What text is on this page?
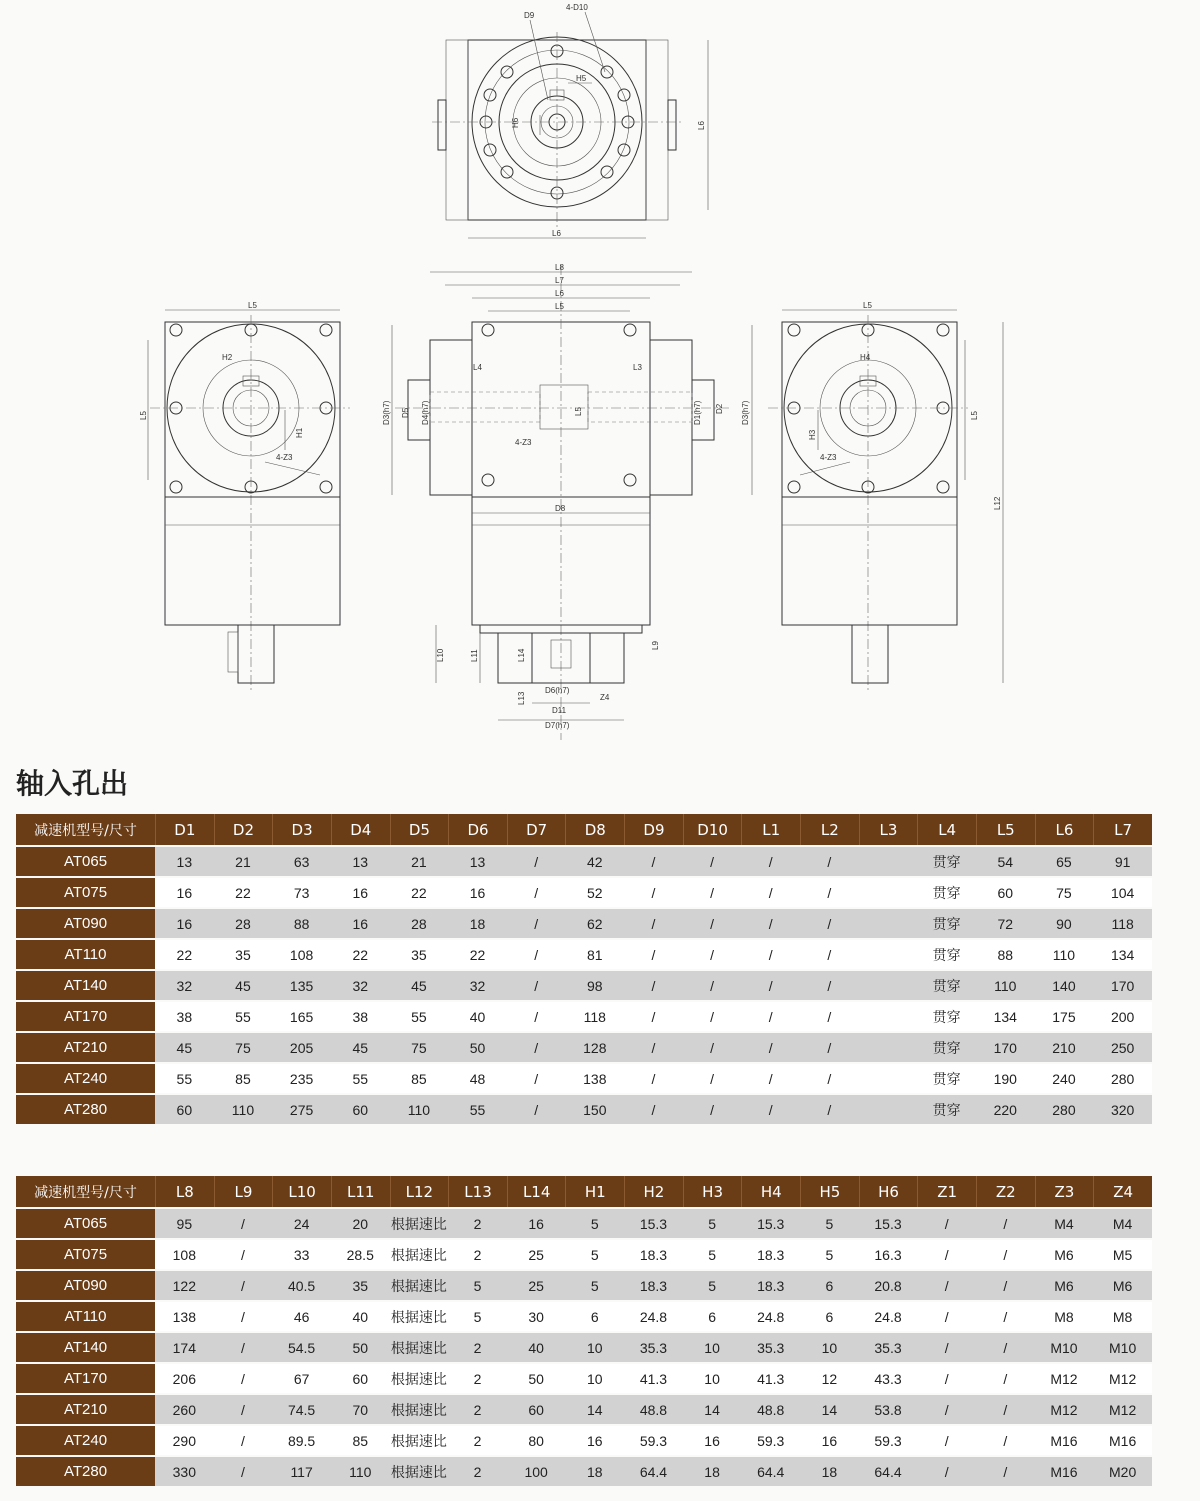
D9
4-D10
H5
H6	L6
L6
L5
H2
L5
H1
4-Z3
L8
L7
L6
L5
L4	L3
D5 D4(h7)
D3(h7)	L5	D1(h7) D2 D3(h7)
4-Z3
D8
L10	L11	L14
L13
D6(h7)
Z4
D11
D7(h7)
L9
L12
L5
H4
L5
H3
4-Z3
轴入孔出
减速机型号/尺寸	D1	D2	D3	D4	D5	D6	D7	D8	D9	D10	L1	L2	L3	L4	L5	L6	L7
AT065	13	21	63	13	21	13	/	42	/	/	/	/		贯穿	54	65	91
AT075	16	22	73	16	22	16	/	52	/	/	/	/		贯穿	60	75	104
AT090	16	28	88	16	28	18	/	62	/	/	/	/		贯穿	72	90	118
AT110	22	35	108	22	35	22	/	81	/	/	/	/		贯穿	88	110	134
AT140	32	45	135	32	45	32	/	98	/	/	/	/		贯穿	110	140	170
AT170	38	55	165	38	55	40	/	118	/	/	/	/		贯穿	134	175	200
AT210	45	75	205	45	75	50	/	128	/	/	/	/		贯穿	170	210	250
AT240	55	85	235	55	85	48	/	138	/	/	/	/		贯穿	190	240	280
AT280	60	110	275	60	110	55	/	150	/	/	/	/		贯穿	220	280	320
减速机型号/尺寸	L8	L9	L10	L11	L12	L13	L14	H1	H2	H3	H4	H5	H6	Z1	Z2	Z3	Z4
AT065	95	/	24	20	根据速比	2	16	5	15.3	5	15.3	5	15.3	/	/	M4	M4
AT075	108	/	33	28.5	根据速比	2	25	5	18.3	5	18.3	5	16.3	/	/	M6	M5
AT090	122	/	40.5	35	根据速比	5	25	5	18.3	5	18.3	6	20.8	/	/	M6	M6
AT110	138	/	46	40	根据速比	5	30	6	24.8	6	24.8	6	24.8	/	/	M8	M8
AT140	174	/	54.5	50	根据速比	2	40	10	35.3	10	35.3	10	35.3	/	/	M10	M10
AT170	206	/	67	60	根据速比	2	50	10	41.3	10	41.3	12	43.3	/	/	M12	M12
AT210	260	/	74.5	70	根据速比	2	60	14	48.8	14	48.8	14	53.8	/	/	M12	M12
AT240	290	/	89.5	85	根据速比	2	80	16	59.3	16	59.3	16	59.3	/	/	M16	M16
AT280	330	/	117	110	根据速比	2	100	18	64.4	18	64.4	18	64.4	/	/	M16	M20
